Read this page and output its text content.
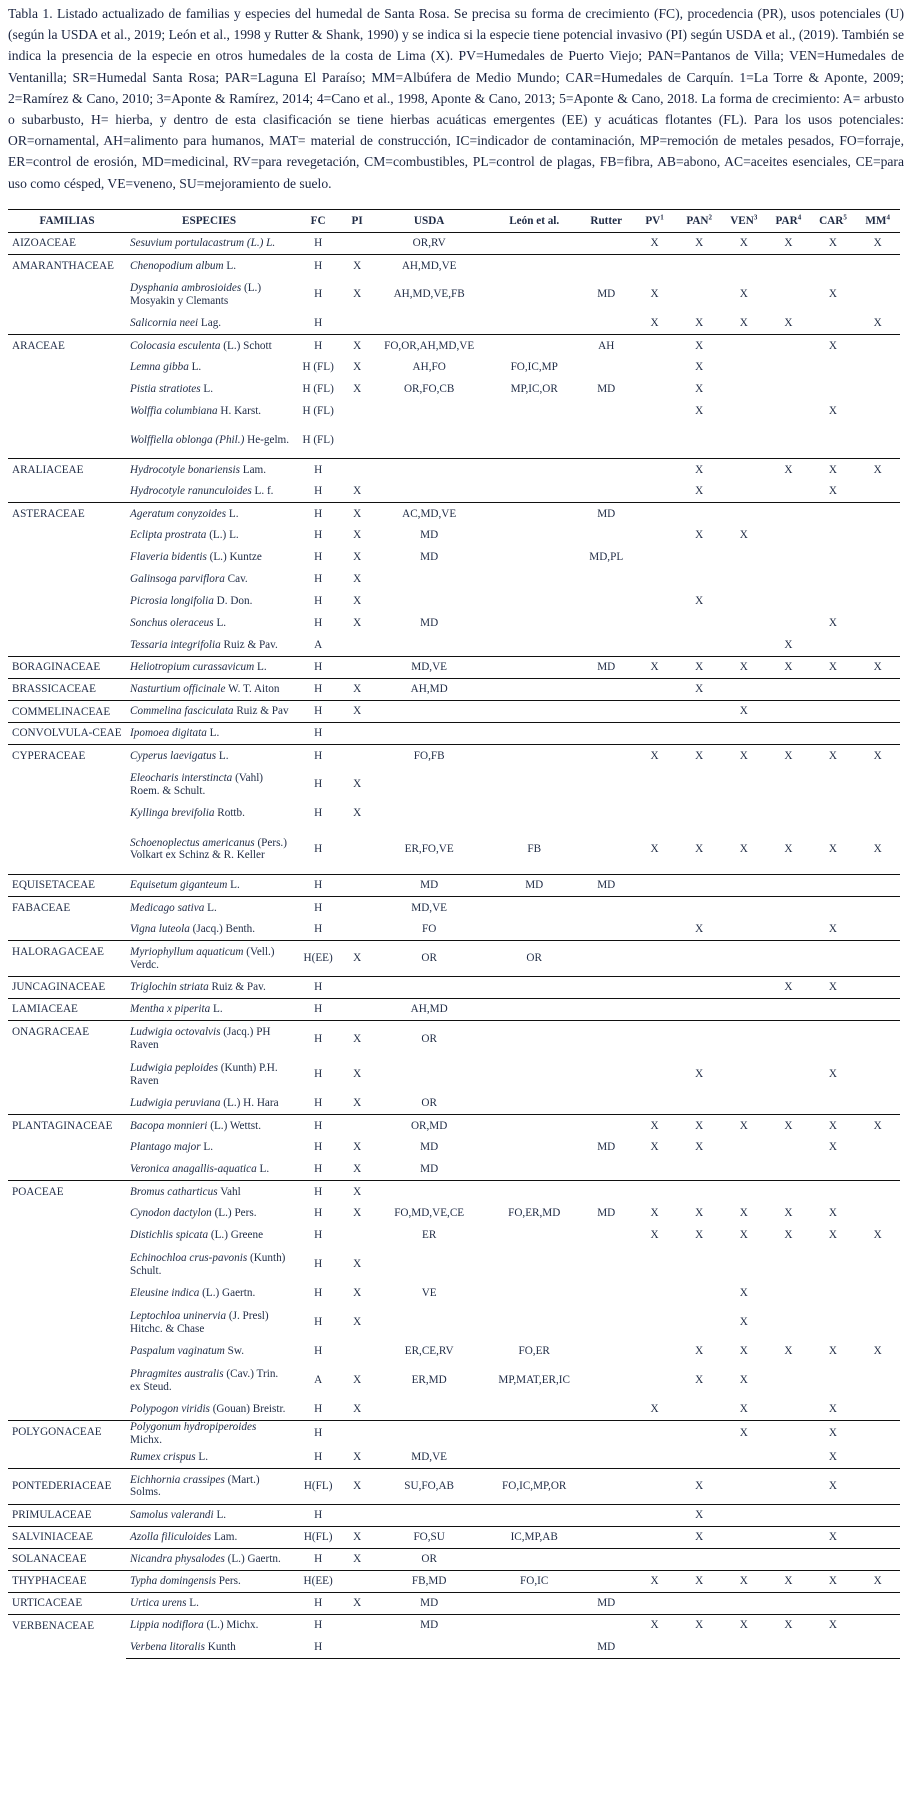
Tabla 1. Listado actualizado de familias y especies del humedal de Santa Rosa. Se precisa su forma de crecimiento (FC), procedencia (PR), usos potenciales (U) (según la USDA et al., 2019; León et al., 1998 y Rutter & Shank, 1990) y se indica si la especie tiene potencial invasivo (PI) según USDA et al., (2019). También se indica la presencia de la especie en otros humedales de la costa de Lima (X). PV=Humedales de Puerto Viejo; PAN=Pantanos de Villa; VEN=Humedales de Ventanilla; SR=Humedal Santa Rosa; PAR=Laguna El Paraíso; MM=Albúfera de Medio Mundo; CAR=Humedales de Carquín. 1=La Torre & Aponte, 2009; 2=Ramírez & Cano, 2010; 3=Aponte & Ramírez, 2014; 4=Cano et al., 1998, Aponte & Cano, 2013; 5=Aponte & Cano, 2018. La forma de crecimiento: A= arbusto o subarbusto, H= hierba, y dentro de esta clasificación se tiene hierbas acuáticas emergentes (EE) y acuáticas flotantes (FL). Para los usos potenciales: OR=ornamental, AH=alimento para humanos, MAT= material de construcción, IC=indicador de contaminación, MP=remoción de metales pesados, FO=forraje, ER=control de erosión, MD=medicinal, RV=para revegetación, CM=combustibles, PL=control de plagas, FB=fibra, AB=abono, AC=aceites esenciales, CE=para uso como césped, VE=veneno, SU=mejoramiento de suelo.
FAMILIAS	ESPECIES	FC	PI	USDA	León et al.	Rutter	$PV^1$	PAN$^2$	VEN$^3$	PAR$^4$	CAR$^5$	$MM^4$
AIZOACEAE	Sesuvium portulacastrum (L.) L.	H		OR,RV			X	X	X	X	X	X
AMARANTHACEAE	Chenopodium album L.	H	X	AH,MD,VE								
	Dysphania ambrosioides (L.) Mosyakin y Clemants	H	X	AH,MD,VE,FB		MD	X		X		X	
	Salicornia neei Lag.	H					X	X	X	X		X
ARACEAE	Colocasia esculenta (L.) Schott	H	X	FO,OR,AH,MD,VE		AH		X			X	
	Lemna gibba L.	H (FL)	X	AH,FO	FO,IC,MP			X				
	Pistia stratiotes L.	H (FL)	X	OR,FO,CB	MP,IC,OR	MD		X				
	Wolffia columbiana H. Karst.	H (FL)						X			X	
	Wolffiella oblonga (Phil.) He-gelm.	H (FL)										
ARALIACEAE	Hydrocotyle bonariensis Lam.	H						X		X	X	X
	Hydrocotyle ranunculoides L. f.	H	X					X			X	
ASTERACEAE	Ageratum conyzoides L.	H	X	AC,MD,VE		MD						
	Eclipta prostrata (L.) L.	H	X	MD				X	X			
	Flaveria bidentis (L.) Kuntze	H	X	MD		MD,PL						
	Galinsoga parviflora Cav.	H	X									
	Picrosia longifolia D. Don.	H	X					X				
	Sonchus oleraceus L.	H	X	MD							X	
	Tessaria integrifolia Ruiz & Pav.	A								X		
BORAGINACEAE	Heliotropium curassavicum L.	H		MD,VE		MD	X	X	X	X	X	X
BRASSICACEAE	Nasturtium officinale W. T. Aiton	H	X	AH,MD				X				
COMMELINACEAE	Commelina fasciculata Ruiz & Pav	H	X						X			
CONVOLVULA-CEAE	Ipomoea digitata L.	H										
CYPERACEAE	Cyperus laevigatus L.	H		FO,FB			X	X	X	X	X	X
	Eleocharis interstincta (Vahl) Roem. & Schult.	H	X									
	Kyllinga brevifolia Rottb.	H	X									
	Schoenoplectus americanus (Pers.) Volkart ex Schinz & R. Keller	H		ER,FO,VE	FB		X	X	X	X	X	X
EQUISETACEAE	Equisetum giganteum L.	H		MD	MD	MD						
FABACEAE	Medicago sativa L.	H		MD,VE								
	Vigna luteola (Jacq.) Benth.	H		FO				X			X	
HALORAGACEAE	Myriophyllum aquaticum (Vell.) Verdc.	H(EE)	X	OR	OR							
JUNCAGINACEAE	Triglochin striata Ruiz & Pav.	H								X	X	
LAMIACEAE	Mentha x piperita L.	H		AH,MD								
ONAGRACEAE	Ludwigia octovalvis (Jacq.) PH Raven	H	X	OR								
	Ludwigia peploides (Kunth) P.H. Raven	H	X					X			X	
	Ludwigia peruviana (L.) H. Hara	H	X	OR								
PLANTAGINACEAE	Bacopa monnieri (L.) Wettst.	H		OR,MD			X	X	X	X	X	X
	Plantago major L.	H	X	MD		MD	X	X			X	
	Veronica anagallis-aquatica L.	H	X	MD								
POACEAE	Bromus catharticus Vahl	H	X									
	Cynodon dactylon (L.) Pers.	H	X	FO,MD,VE,CE	FO,ER,MD	MD	X	X	X	X	X	
	Distichlis spicata (L.) Greene	H		ER			X	X	X	X	X	X
	Echinochloa crus-pavonis (Kunth) Schult.	H	X									
	Eleusine indica (L.) Gaertn.	H	X	VE					X			
	Leptochloa uninervia (J. Presl) Hitchc. & Chase	H	X						X			
	Paspalum vaginatum Sw.	H		ER,CE,RV	FO,ER			X	X	X	X	X
	Phragmites australis (Cav.) Trin. ex Steud.	A	X	ER,MD	MP,MAT,ER,IC			X	X			
	Polypogon viridis (Gouan) Breistr.	H	X				X		X		X	
POLYGONACEAE	Polygonum hydropiperoides Michx.	H							X		X	
	Rumex crispus L.	H	X	MD,VE							X	
PONTEDERIACEAE	Eichhornia crassipes (Mart.) Solms.	H(FL)	X	SU,FO,AB	FO,IC,MP,OR			X			X	
PRIMULACEAE	Samolus valerandi L.	H						X				
SALVINIACEAE	Azolla filiculoides Lam.	H(FL)	X	FO,SU	IC,MP,AB			X			X	
SOLANACEAE	Nicandra physalodes (L.) Gaertn.	H	X	OR								
THYPHACEAE	Typha domingensis Pers.	H(EE)		FB,MD	FO,IC		X	X	X	X	X	X
URTICACEAE	Urtica urens L.	H	X	MD		MD						
VERBENACEAE	Lippia nodiflora (L.) Michx.	H		MD			X	X	X	X	X	
	Verbena litoralis Kunth	H				MD						
